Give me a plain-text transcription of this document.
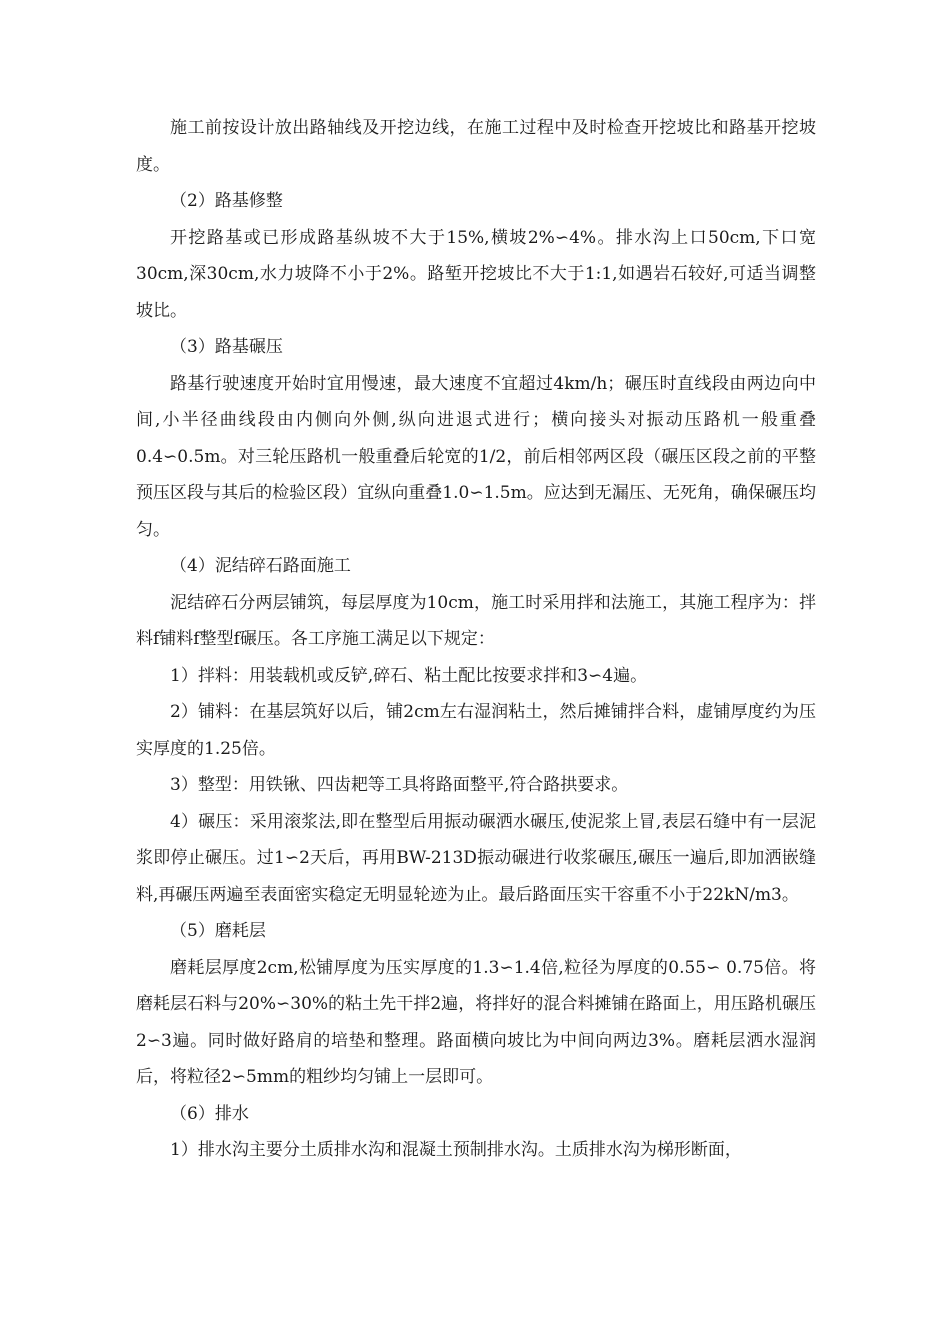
施工前按设计放出路轴线及开挖边线，在施工过程中及时检查开挖坡比和路基开挖坡度。

（2）路基修整

开挖路基或已形成路基纵坡不大于15%,横坡2%∽4%。排水沟上口50cm,下口宽30cm,深30cm,水力坡降不小于2%。路堑开挖坡比不大于1:1,如遇岩石较好,可适当调整坡比。

（3）路基碾压

路基行驶速度开始时宜用慢速，最大速度不宜超过4km/h；碾压时直线段由两边向中间,小半径曲线段由内侧向外侧,纵向进退式进行；横向接头对振动压路机一般重叠0.4∽0.5m。对三轮压路机一般重叠后轮宽的1/2，前后相邻两区段（碾压区段之前的平整预压区段与其后的检验区段）宜纵向重叠1.0∽1.5m。应达到无漏压、无死角，确保碾压均匀。

（4）泥结碎石路面施工

泥结碎石分两层铺筑，每层厚度为10cm，施工时采用拌和法施工，其施工程序为：拌料f铺料f整型f碾压。各工序施工满足以下规定：

1）拌料：用装载机或反铲,碎石、粘土配比按要求拌和3∽4遍。

2）铺料：在基层筑好以后，铺2cm左右湿润粘土，然后摊铺拌合料，虚铺厚度约为压实厚度的1.25倍。

3）整型：用铁锹、四齿耙等工具将路面整平,符合路拱要求。

4）碾压：采用滚浆法,即在整型后用振动碾洒水碾压,使泥浆上冒,表层石缝中有一层泥浆即停止碾压。过1∽2天后，再用BW-213D振动碾进行收浆碾压,碾压一遍后,即加洒嵌缝料,再碾压两遍至表面密实稳定无明显轮迹为止。最后路面压实干容重不小于22kN/m3。

（5）磨耗层

磨耗层厚度2cm,松铺厚度为压实厚度的1.3∽1.4倍,粒径为厚度的0.55∽ 0.75倍。将磨耗层石料与20%∽30%的粘土先干拌2遍，将拌好的混合料摊铺在路面上，用压路机碾压2∽3遍。同时做好路肩的培垫和整理。路面横向坡比为中间向两边3%。磨耗层洒水湿润后，将粒径2∽5mm的粗纱均匀铺上一层即可。

（6）排水

1）排水沟主要分土质排水沟和混凝土预制排水沟。土质排水沟为梯形断面，
